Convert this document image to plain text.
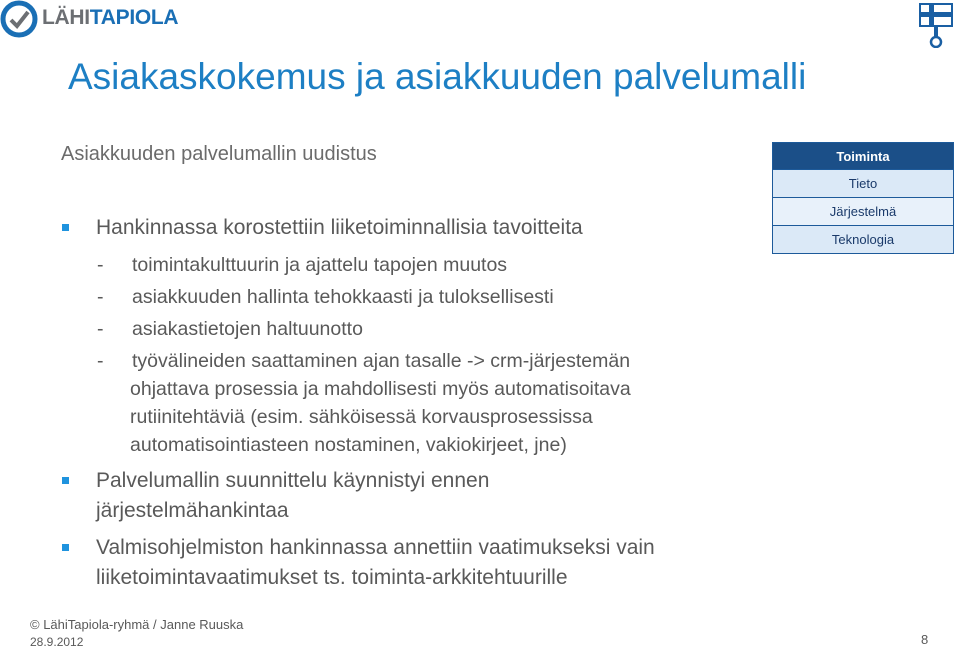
LÄHITAPIOLA
Asiakaskokemus ja asiakkuuden palvelumalli
Asiakkuuden palvelumallin uudistus
Hankinnassa korostettiin liiketoiminnallisia tavoitteita
- toimintakulttuurin ja ajattelu tapojen muutos
- asiakkuuden hallinta tehokkaasti ja tuloksellisesti
- asiakastietojen haltuunotto
- työvälineiden saattaminen ajan tasalle -> crm-järjestemän
ohjattava prosessia ja mahdollisesti myös automatisoitava
rutiinitehtäviä (esim. sähköisessä korvausprosessissa
automatisointiasteen nostaminen, vakiokirjeet, jne)
Palvelumallin suunnittelu käynnistyi ennen
järjestelmähankintaa
Valmisohjelmiston hankinnassa annettiin vaatimukseksi vain
liiketoimintavaatimukset ts. toiminta-arkkitehtuurille
Toiminta
Tieto
Järjestelmä
Teknologia
© LähiTapiola-ryhmä / Janne Ruuska
28.9.2012	8
